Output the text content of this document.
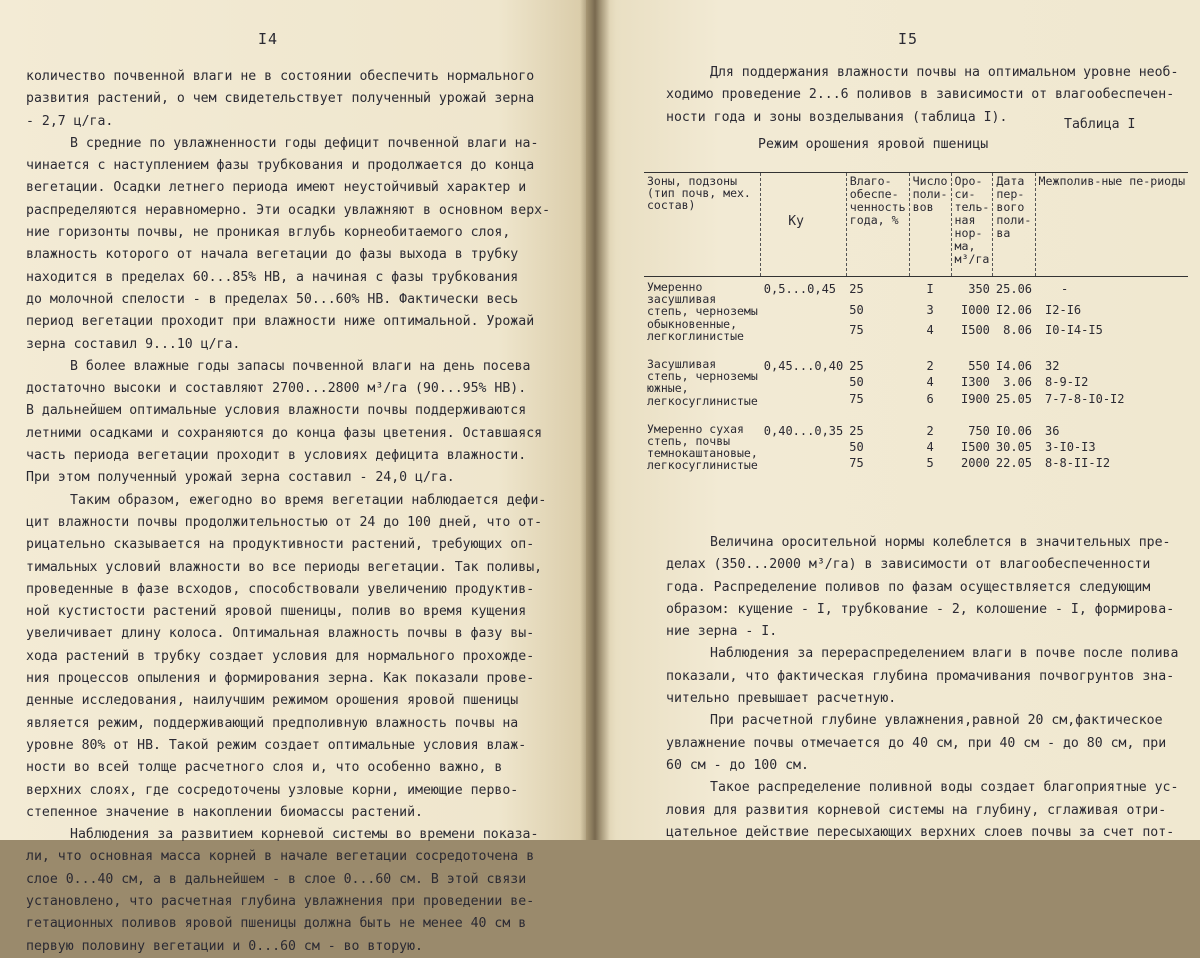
I4
количество почвенной влаги не в состоянии обеспечить нормального
развития растений, о чем свидетельствует полученный урожай зерна
- 2,7 ц/га.
В средние по увлажненности годы дефицит почвенной влаги на-
чинается с наступлением фазы трубкования и продолжается до конца
вегетации. Осадки летнего периода имеют неустойчивый характер и
распределяются неравномерно. Эти осадки увлажняют в основном верх-
ние горизонты почвы, не проникая вглубь корнеобитаемого слоя,
влажность которого от начала вегетации до фазы выхода в трубку
находится в пределах 60...85% НВ, а начиная с фазы трубкования
до молочной спелости - в пределах 50...60% НВ. Фактически весь
период вегетации проходит при влажности ниже оптимальной. Урожай
зерна составил 9...10 ц/га.
В более влажные годы запасы почвенной влаги на день посева
достаточно высоки и составляют 2700...2800 м³/га (90...95% НВ).
В дальнейшем оптимальные условия влажности почвы поддерживаются
летними осадками и сохраняются до конца фазы цветения. Оставшаяся
часть периода вегетации проходит в условиях дефицита влажности.
При этом полученный урожай зерна составил - 24,0 ц/га.
Таким образом, ежегодно во время вегетации наблюдается дефи-
цит влажности почвы продолжительностью от 24 до 100 дней, что от-
рицательно сказывается на продуктивности растений, требующих оп-
тимальных условий влажности во все периоды вегетации. Так поливы,
проведенные в фазе всходов, способствовали увеличению продуктив-
ной кустистости растений яровой пшеницы, полив во время кущения
увеличивает длину колоса. Оптимальная влажность почвы в фазу вы-
хода растений в трубку создает условия для нормального прохожде-
ния процессов опыления и формирования зерна. Как показали прове-
денные исследования, наилучшим режимом орошения яровой пшеницы
является режим, поддерживающий предполивную влажность почвы на
уровне 80% от НВ. Такой режим создает оптимальные условия влаж-
ности во всей толще расчетного слоя и, что особенно важно, в
верхних слоях, где сосредоточены узловые корни, имеющие перво-
степенное значение в накоплении биомассы растений.
Наблюдения за развитием корневой системы во времени показа-
ли, что основная масса корней в начале вегетации сосредоточена в
слое 0...40 см, а в дальнейшем - в слое 0...60 см. В этой связи
установлено, что расчетная глубина увлажнения при проведении ве-
гетационных поливов яровой пшеницы должна быть не менее 40 см в
первую половину вегетации и 0...60 см - во вторую.
I5
Для поддержания влажности почвы на оптимальном уровне необ-
ходимо проведение 2...6 поливов в зависимости от влагообеспечен-
ности года и зоны возделывания (таблица I).	Таблица I
Режим орошения яровой пшеницы
Зоны, подзоны (тип почв, мех. состав)	Kу	Влаго-обеспе-ченность года, %	Число поли-вов	Оро-си-тель-ная нор-ма, м³/га	Дата пер-вого поли-ва	Межполив-ные пе-риоды
Умеренно засушливая степь, черноземы обыкновенные, легкоглинистые	0,5...0,45	25	I	350	25.06	-
		50	3	I000	I2.06	I2-I6
		75	4	I500	8.06	I0-I4-I5

Засушливая степь, черноземы южные, легкосуглинистые	0,45...0,40	25	2	550	I4.06	32
		50	4	I300	3.06	8-9-I2
		75	6	I900	25.05	7-7-8-I0-I2

Умеренно сухая степь, почвы темнокаштановые, легкосуглинистые	0,40...0,35	25	2	750	I0.06	36
		50	4	I500	30.05	3-I0-I3
		75	5	2000	22.05	8-8-II-I2
Величина оросительной нормы колеблется в значительных пре-
делах (350...2000 м³/га) в зависимости от влагообеспеченности
года. Распределение поливов по фазам осуществляется следующим
образом: кущение - I, трубкование - 2, колошение - I, формирова-
ние зерна - I.
Наблюдения за перераспределением влаги в почве после полива
показали, что фактическая глубина промачивания почвогрунтов зна-
чительно превышает расчетную.
При расчетной глубине увлажнения,равной 20 см,фактическое
увлажнение почвы отмечается до 40 см, при 40 см - до 80 см, при
60 см - до 100 см.
Такое распределение поливной воды создает благоприятные ус-
ловия для развития корневой системы на глубину, сглаживая отри-
цательное действие пересыхающих верхних слоев почвы за счет пот-
